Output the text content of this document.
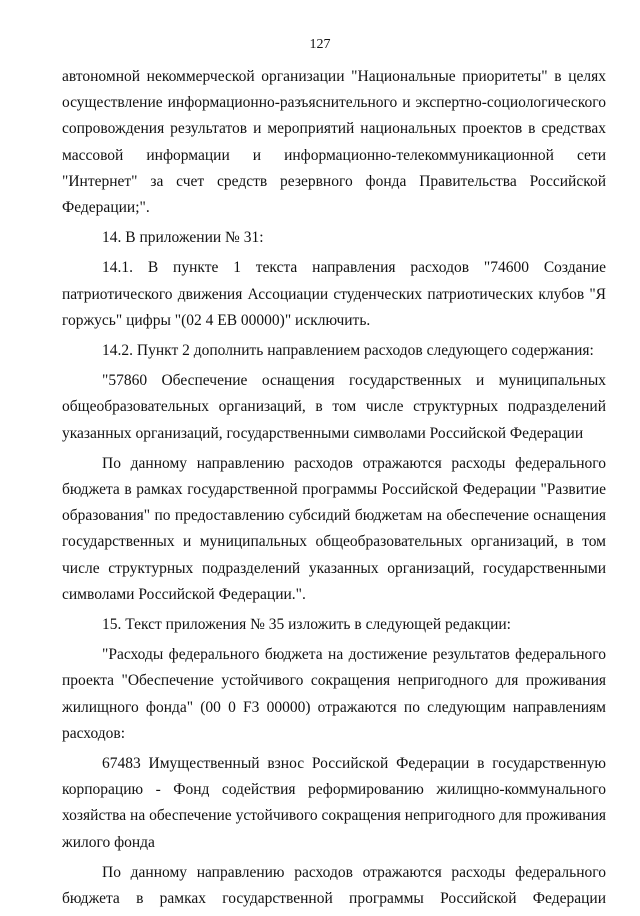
127

автономной некоммерческой организации "Национальные приоритеты" в целях осуществление информационно-разъяснительного и экспертно-социологического сопровождения результатов и мероприятий национальных проектов в средствах массовой информации и информационно-телекоммуникационной сети "Интернет" за счет средств резервного фонда Правительства Российской Федерации;".

14. В приложении № 31:

14.1. В пункте 1 текста направления расходов "74600 Создание патриотического движения Ассоциации студенческих патриотических клубов "Я горжусь" цифры "(02 4 ЕВ 00000)" исключить.

14.2. Пункт 2 дополнить направлением расходов следующего содержания:

"57860 Обеспечение оснащения государственных и муниципальных общеобразовательных организаций, в том числе структурных подразделений указанных организаций, государственными символами Российской Федерации

По данному направлению расходов отражаются расходы федерального бюджета в рамках государственной программы Российской Федерации "Развитие образования" по предоставлению субсидий бюджетам на обеспечение оснащения государственных и муниципальных общеобразовательных организаций, в том числе структурных подразделений указанных организаций, государственными символами Российской Федерации.".

15. Текст приложения № 35 изложить в следующей редакции:

"Расходы федерального бюджета на достижение результатов федерального проекта "Обеспечение устойчивого сокращения непригодного для проживания жилищного фонда" (00 0 F3 00000) отражаются по следующим направлениям расходов:

67483 Имущественный взнос Российской Федерации в государственную корпорацию - Фонд содействия реформированию жилищно-коммунального хозяйства на обеспечение устойчивого сокращения непригодного для проживания жилого фонда

По данному направлению расходов отражаются расходы федерального бюджета в рамках государственной программы Российской Федерации
